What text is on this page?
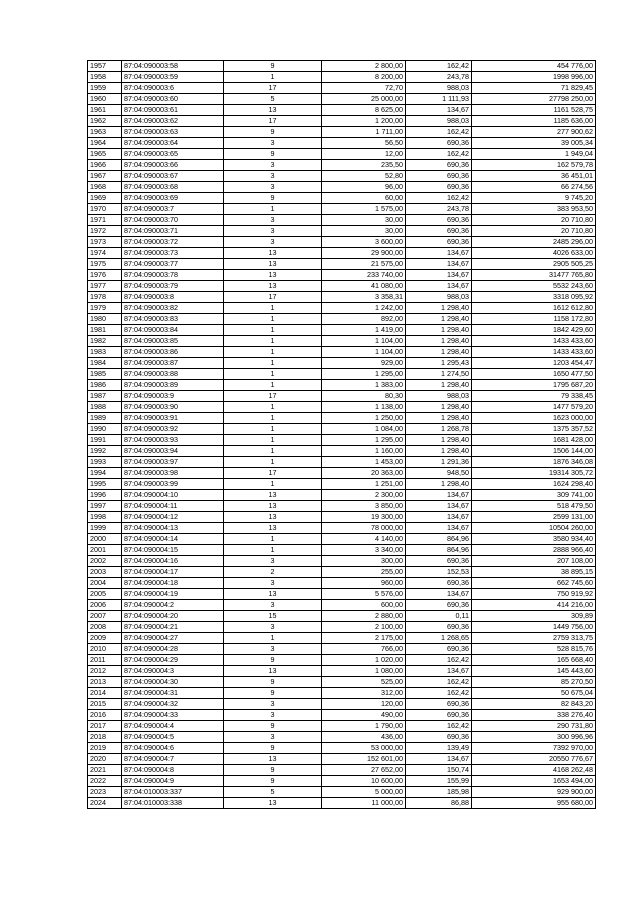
1957	87:04:090003:58	9	2 800,00	162,42	454 776,00
1958	87:04:090003:59	1	8 200,00	243,78	1998 996,00
1959	87:04:090003:6	17	72,70	988,03	71 829,45
1960	87:04:090003:60	5	25 000,00	1 111,93	27798 250,00
1961	87:04:090003:61	13	8 625,00	134,67	1161 528,75
1962	87:04:090003:62	17	1 200,00	988,03	1185 636,00
1963	87:04:090003:63	9	1 711,00	162,42	277 900,62
1964	87:04:090003:64	3	56,50	690,36	39 005,34
1965	87:04:090003:65	9	12,00	162,42	1 949,04
1966	87:04:090003:66	3	235,50	690,36	162 579,78
1967	87:04:090003:67	3	52,80	690,36	36 451,01
1968	87:04:090003:68	3	96,00	690,36	66 274,56
1969	87:04:090003:69	9	60,00	162,42	9 745,20
1970	87:04:090003:7	1	1 575,00	243,78	383 953,50
1971	87:04:090003:70	3	30,00	690,36	20 710,80
1972	87:04:090003:71	3	30,00	690,36	20 710,80
1973	87:04:090003:72	3	3 600,00	690,36	2485 296,00
1974	87:04:090003:73	13	29 900,00	134,67	4026 633,00
1975	87:04:090003:77	13	21 575,00	134,67	2905 505,25
1976	87:04:090003:78	13	233 740,00	134,67	31477 765,80
1977	87:04:090003:79	13	41 080,00	134,67	5532 243,60
1978	87:04:090003:8	17	3 358,31	988,03	3318 095,92
1979	87:04:090003:82	1	1 242,00	1 298,40	1612 612,80
1980	87:04:090003:83	1	892,00	1 298,40	1158 172,80
1981	87:04:090003:84	1	1 419,00	1 298,40	1842 429,60
1982	87:04:090003:85	1	1 104,00	1 298,40	1433 433,60
1983	87:04:090003:86	1	1 104,00	1 298,40	1433 433,60
1984	87:04:090003:87	1	929,00	1 295,43	1203 454,47
1985	87:04:090003:88	1	1 295,00	1 274,50	1650 477,50
1986	87:04:090003:89	1	1 383,00	1 298,40	1795 687,20
1987	87:04:090003:9	17	80,30	988,03	79 338,45
1988	87:04:090003:90	1	1 138,00	1 298,40	1477 579,20
1989	87:04:090003:91	1	1 250,00	1 298,40	1623 000,00
1990	87:04:090003:92	1	1 084,00	1 268,78	1375 357,52
1991	87:04:090003:93	1	1 295,00	1 298,40	1681 428,00
1992	87:04:090003:94	1	1 160,00	1 298,40	1506 144,00
1993	87:04:090003:97	1	1 453,00	1 291,36	1876 346,08
1994	87:04:090003:98	17	20 363,00	948,50	19314 305,72
1995	87:04:090003:99	1	1 251,00	1 298,40	1624 298,40
1996	87:04:090004:10	13	2 300,00	134,67	309 741,00
1997	87:04:090004:11	13	3 850,00	134,67	518 479,50
1998	87:04:090004:12	13	19 300,00	134,67	2599 131,00
1999	87:04:090004:13	13	78 000,00	134,67	10504 260,00
2000	87:04:090004:14	1	4 140,00	864,96	3580 934,40
2001	87:04:090004:15	1	3 340,00	864,96	2888 966,40
2002	87:04:090004:16	3	300,00	690,36	207 108,00
2003	87:04:090004:17	2	255,00	152,53	38 895,15
2004	87:04:090004:18	3	960,00	690,36	662 745,60
2005	87:04:090004:19	13	5 576,00	134,67	750 919,92
2006	87:04:090004:2	3	600,00	690,36	414 216,00
2007	87:04:090004:20	15	2 880,00	0,11	309,89
2008	87:04:090004:21	3	2 100,00	690,36	1449 756,00
2009	87:04:090004:27	1	2 175,00	1 268,65	2759 313,75
2010	87:04:090004:28	3	766,00	690,36	528 815,76
2011	87:04:090004:29	9	1 020,00	162,42	165 668,40
2012	87:04:090004:3	13	1 080,00	134,67	145 443,60
2013	87:04:090004:30	9	525,00	162,42	85 270,50
2014	87:04:090004:31	9	312,00	162,42	50 675,04
2015	87:04:090004:32	3	120,00	690,36	82 843,20
2016	87:04:090004:33	3	490,00	690,36	338 276,40
2017	87:04:090004:4	9	1 790,00	162,42	290 731,80
2018	87:04:090004:5	3	436,00	690,36	300 996,96
2019	87:04:090004:6	9	53 000,00	139,49	7392 970,00
2020	87:04:090004:7	13	152 601,00	134,67	20550 776,67
2021	87:04:090004:8	9	27 652,00	150,74	4168 262,48
2022	87:04:090004:9	9	10 600,00	155,99	1653 494,00
2023	87:04:010003:337	5	5 000,00	185,98	929 900,00
2024	87:04:010003:338	13	11 000,00	86,88	955 680,00
